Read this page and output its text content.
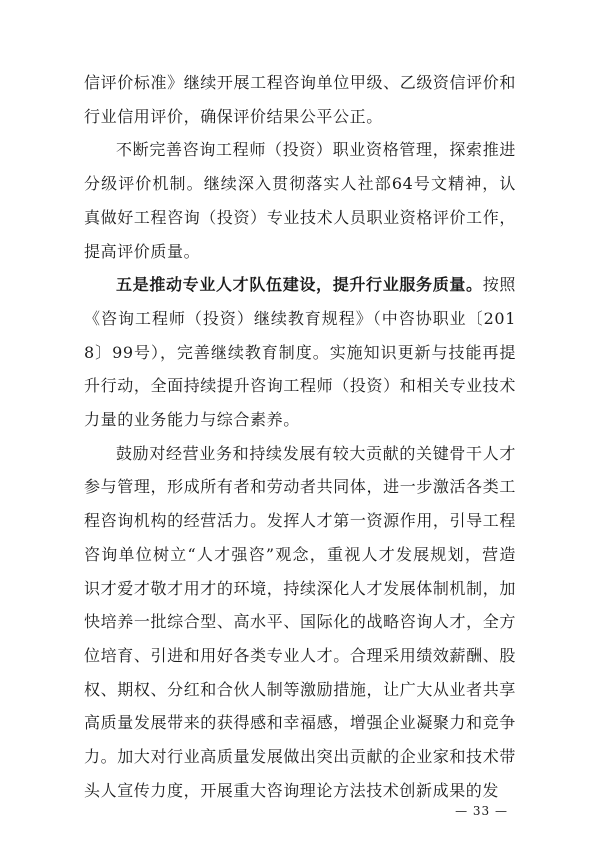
信评价标准》继续开展工程咨询单位甲级、乙级资信评价和行业信用评价，确保评价结果公平公正。

不断完善咨询工程师（投资）职业资格管理，探索推进分级评价机制。继续深入贯彻落实人社部64号文精神，认真做好工程咨询（投资）专业技术人员职业资格评价工作，提高评价质量。

五是推动专业人才队伍建设，提升行业服务质量。按照《咨询工程师（投资）继续教育规程》（中咨协职业〔2018〕99号），完善继续教育制度。实施知识更新与技能再提升行动，全面持续提升咨询工程师（投资）和相关专业技术力量的业务能力与综合素养。

鼓励对经营业务和持续发展有较大贡献的关键骨干人才参与管理，形成所有者和劳动者共同体，进一步激活各类工程咨询机构的经营活力。发挥人才第一资源作用，引导工程咨询单位树立“人才强咨”观念，重视人才发展规划，营造识才爱才敬才用才的环境，持续深化人才发展体制机制，加快培养一批综合型、高水平、国际化的战略咨询人才，全方位培育、引进和用好各类专业人才。合理采用绩效薪酬、股权、期权、分红和合伙人制等激励措施，让广大从业者共享高质量发展带来的获得感和幸福感，增强企业凝聚力和竞争力。加大对行业高质量发展做出突出贡献的企业家和技术带头人宣传力度，开展重大咨询理论方法技术创新成果的发

— 33 —
